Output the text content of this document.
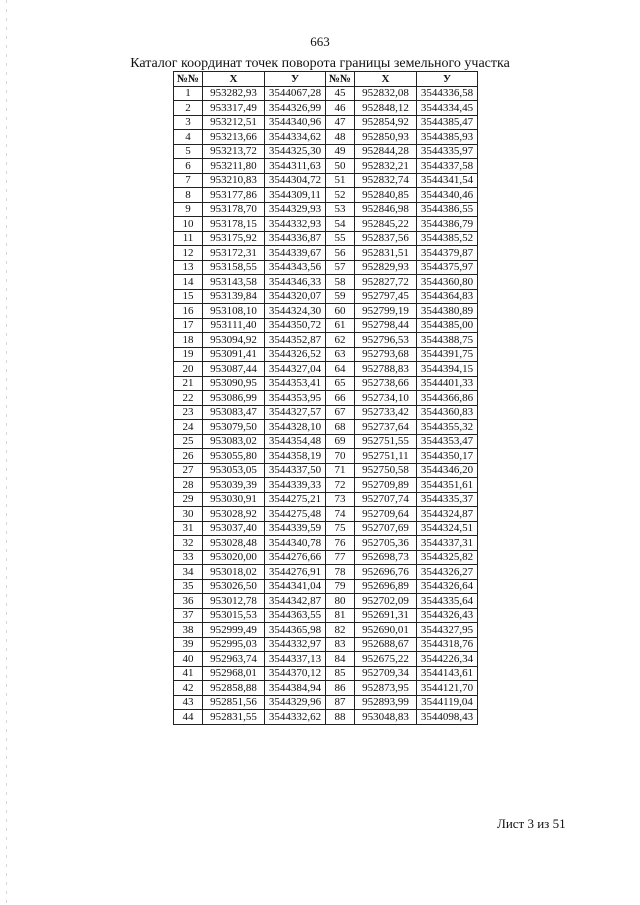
663
Каталог координат точек поворота границы земельного участка
№№	X	У	№№	X	У
1	953282,93	3544067,28	45	952832,08	3544336,58
2	953317,49	3544326,99	46	952848,12	3544334,45
3	953212,51	3544340,96	47	952854,92	3544385,47
4	953213,66	3544334,62	48	952850,93	3544385,93
5	953213,72	3544325,30	49	952844,28	3544335,97
6	953211,80	3544311,63	50	952832,21	3544337,58
7	953210,83	3544304,72	51	952832,74	3544341,54
8	953177,86	3544309,11	52	952840,85	3544340,46
9	953178,70	3544329,93	53	952846,98	3544386,55
10	953178,15	3544332,93	54	952845,22	3544386,79
11	953175,92	3544336,87	55	952837,56	3544385,52
12	953172,31	3544339,67	56	952831,51	3544379,87
13	953158,55	3544343,56	57	952829,93	3544375,97
14	953143,58	3544346,33	58	952827,72	3544360,80
15	953139,84	3544320,07	59	952797,45	3544364,83
16	953108,10	3544324,30	60	952799,19	3544380,89
17	953111,40	3544350,72	61	952798,44	3544385,00
18	953094,92	3544352,87	62	952796,53	3544388,75
19	953091,41	3544326,52	63	952793,68	3544391,75
20	953087,44	3544327,04	64	952788,83	3544394,15
21	953090,95	3544353,41	65	952738,66	3544401,33
22	953086,99	3544353,95	66	952734,10	3544366,86
23	953083,47	3544327,57	67	952733,42	3544360,83
24	953079,50	3544328,10	68	952737,64	3544355,32
25	953083,02	3544354,48	69	952751,55	3544353,47
26	953055,80	3544358,19	70	952751,11	3544350,17
27	953053,05	3544337,50	71	952750,58	3544346,20
28	953039,39	3544339,33	72	952709,89	3544351,61
29	953030,91	3544275,21	73	952707,74	3544335,37
30	953028,92	3544275,48	74	952709,64	3544324,87
31	953037,40	3544339,59	75	952707,69	3544324,51
32	953028,48	3544340,78	76	952705,36	3544337,31
33	953020,00	3544276,66	77	952698,73	3544325,82
34	953018,02	3544276,91	78	952696,76	3544326,27
35	953026,50	3544341,04	79	952696,89	3544326,64
36	953012,78	3544342,87	80	952702,09	3544335,64
37	953015,53	3544363,55	81	952691,31	3544326,43
38	952999,49	3544365,98	82	952690,01	3544327,95
39	952995,03	3544332,97	83	952688,67	3544318,76
40	952963,74	3544337,13	84	952675,22	3544226,34
41	952968,01	3544370,12	85	952709,34	3544143,61
42	952858,88	3544384,94	86	952873,95	3544121,70
43	952851,56	3544329,96	87	952893,99	3544119,04
44	952831,55	3544332,62	88	953048,83	3544098,43
Лист 3 из 51
